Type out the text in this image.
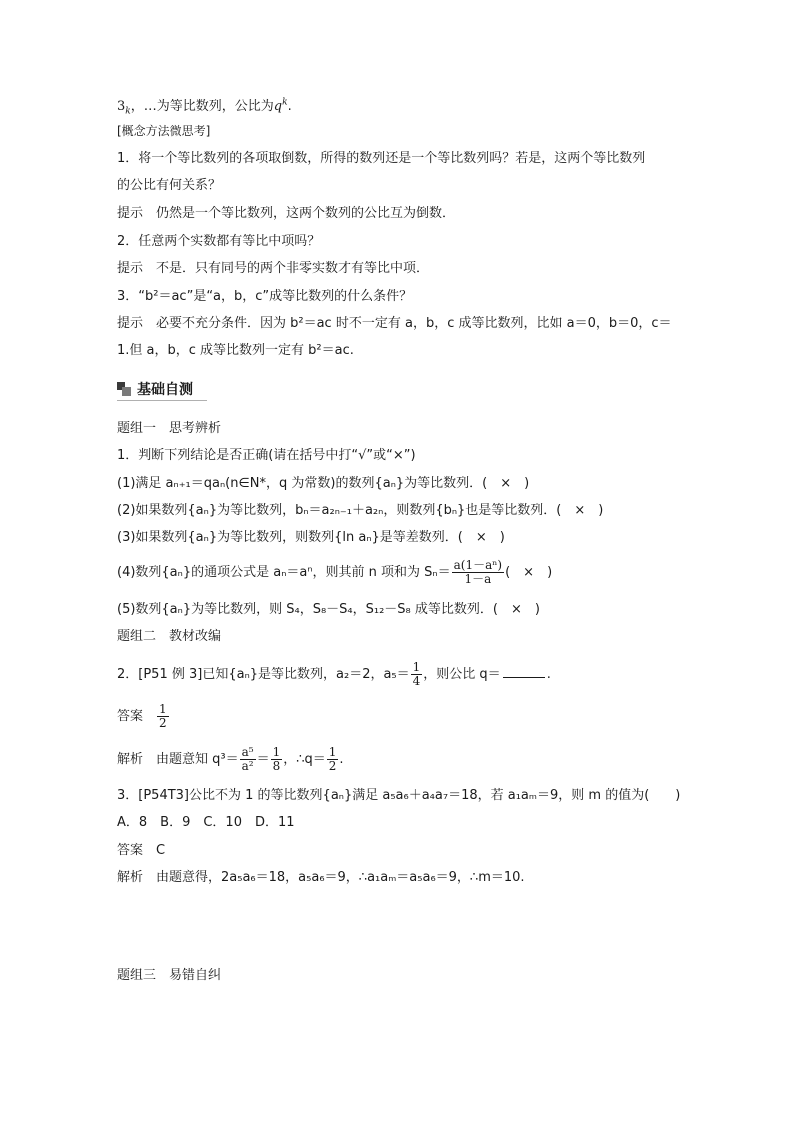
$3_k$，…为等比数列，公比为$q^k$.
[概念方法微思考]
1．将一个等比数列的各项取倒数，所得的数列还是一个等比数列吗？若是，这两个等比数列
的公比有何关系？
提示　仍然是一个等比数列，这两个数列的公比互为倒数．
2．任意两个实数都有等比中项吗？
提示　不是．只有同号的两个非零实数才有等比中项．
3．“b²＝ac”是“a，b，c”成等比数列的什么条件？
提示　必要不充分条件．因为 b²＝ac 时不一定有 a，b，c 成等比数列，比如 a＝0，b＝0，c＝
1.但 a，b，c 成等比数列一定有 b²＝ac.
基础自测
题组一　思考辨析
1．判断下列结论是否正确(请在括号中打“√”或“×”)
(1)满足 aₙ₊₁＝qaₙ(n∈N*，q 为常数)的数列{aₙ}为等比数列．(　×　)
(2)如果数列{aₙ}为等比数列，bₙ＝a₂ₙ₋₁＋a₂ₙ，则数列{bₙ}也是等比数列．(　×　)
(3)如果数列{aₙ}为等比数列，则数列{ln aₙ}是等差数列．(　×　)
(4)数列{aₙ}的通项公式是 aₙ＝aⁿ，则其前 n 项和为 $S_n= \frac{\text{a(1－aⁿ)}}{1-a}$ (　×　)
(5)数列{aₙ}为等比数列，则 S₄，S₈－S₄，S₁₂－S₈ 成等比数列．(　×　)
题组二　教材改编
2．[P51 例 3]已知{aₙ}是等比数列，a₂＝2，$a_5= \frac{1}{4}$ ，则公比 q＝	.
答案　 $\frac{1}{2}$
解析　由题意知 $q^3= \frac{\text{a⁵}}{\text{a²}} = \frac{1}{8}$ ，∴q＝ $\frac{1}{2}$ .
3．[P54T3]公比不为 1 的等比数列{aₙ}满足 a₅a₆＋a₄a₇＝18，若 a₁aₘ＝9，则 m 的值为(　　)
A．8　B．9　C．10　D．11
答案　C
解析　由题意得，2a₅a₆＝18，a₅a₆＝9，∴a₁aₘ＝a₅a₆＝9，∴m＝10.
题组三　易错自纠
